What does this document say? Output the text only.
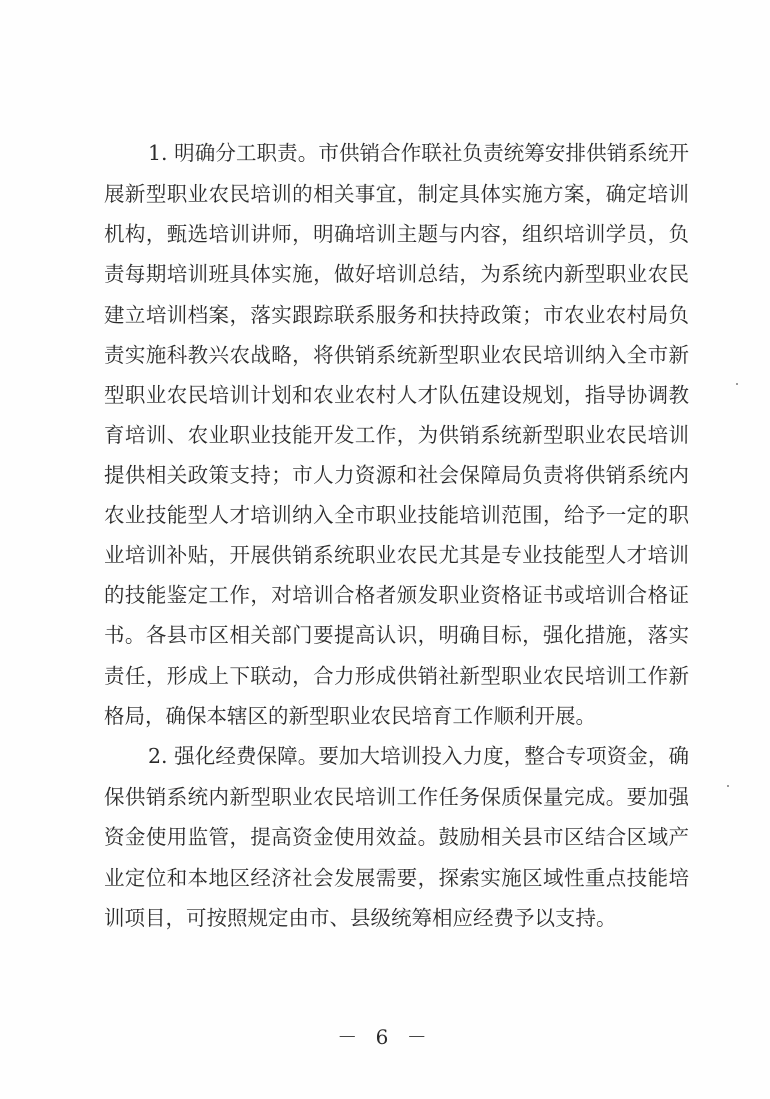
1. 明确分工职责。市供销合作联社负责统筹安排供销系统开
展新型职业农民培训的相关事宜，制定具体实施方案，确定培训
机构，甄选培训讲师，明确培训主题与内容，组织培训学员，负
责每期培训班具体实施，做好培训总结，为系统内新型职业农民
建立培训档案，落实跟踪联系服务和扶持政策；市农业农村局负
责实施科教兴农战略，将供销系统新型职业农民培训纳入全市新
型职业农民培训计划和农业农村人才队伍建设规划，指导协调教
育培训、农业职业技能开发工作，为供销系统新型职业农民培训
提供相关政策支持；市人力资源和社会保障局负责将供销系统内
农业技能型人才培训纳入全市职业技能培训范围，给予一定的职
业培训补贴，开展供销系统职业农民尤其是专业技能型人才培训
的技能鉴定工作，对培训合格者颁发职业资格证书或培训合格证
书。各县市区相关部门要提高认识，明确目标，强化措施，落实
责任，形成上下联动，合力形成供销社新型职业农民培训工作新
格局，确保本辖区的新型职业农民培育工作顺利开展。
2. 强化经费保障。要加大培训投入力度，整合专项资金，确
保供销系统内新型职业农民培训工作任务保质保量完成。要加强
资金使用监管，提高资金使用效益。鼓励相关县市区结合区域产
业定位和本地区经济社会发展需要，探索实施区域性重点技能培
训项目，可按照规定由市、县级统筹相应经费予以支持。
－ 6 －
